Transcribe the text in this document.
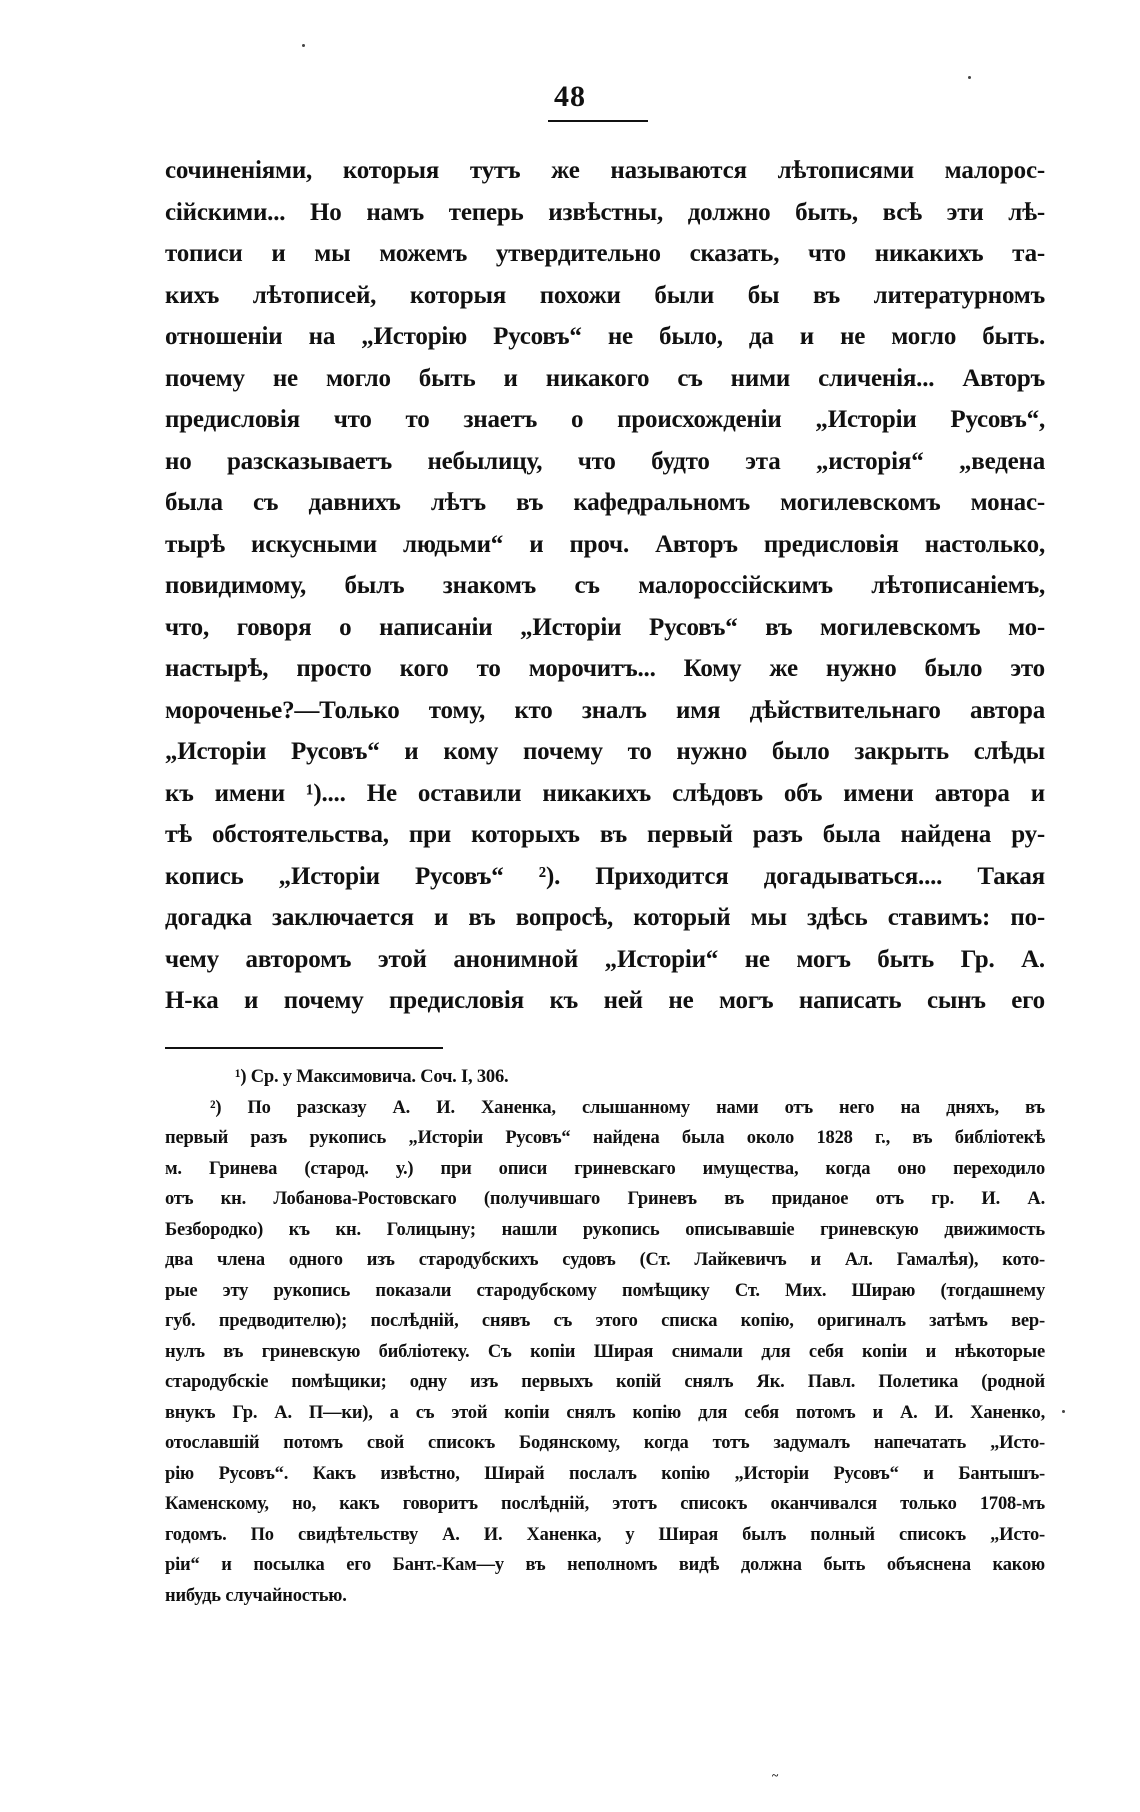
48
сочиненіями, которыя тутъ же называются лѣтописями малорос-
сійскими... Но намъ теперь извѣстны, должно быть, всѣ эти лѣ-
тописи и мы можемъ утвердительно сказать, что никакихъ та-
кихъ лѣтописей, которыя похожи были бы въ литературномъ
отношеніи на „Исторію Русовъ“ не было, да и не могло быть.
почему не могло быть и никакого съ ними сличенія... Авторъ
предисловія что то знаетъ о происхожденіи „Исторіи Русовъ“,
но разсказываетъ небылицу, что будто эта „исторія“ „ведена
была съ давнихъ лѣтъ въ кафедральномъ могилевскомъ монас-
тырѣ искусными людьми“ и проч. Авторъ предисловія настолько,
повидимому, былъ знакомъ съ малороссійскимъ лѣтописаніемъ,
что, говоря о написаніи „Исторіи Русовъ“ въ могилевскомъ мо-
настырѣ, просто кого то морочитъ... Кому же нужно было это
мороченье?—Только тому, кто зналъ имя дѣйствительнаго автора
„Исторіи Русовъ“ и кому почему то нужно было закрыть слѣды
къ имени ¹).... Не оставили никакихъ слѣдовъ объ имени автора и
тѣ обстоятельства, при которыхъ въ первый разъ была найдена ру-
копись „Исторіи Русовъ“ ²). Приходится догадываться.... Такая
догадка заключается и въ вопросѣ, который мы здѣсь ставимъ: по-
чему авторомъ этой анонимной „Исторіи“ не могъ быть Гр. А.
Н-ка и почему предисловія къ ней не могъ написать сынъ его
¹) Ср. у Максимовича. Соч. I, 306.
²) По разсказу А. И. Ханенка, слышанному нами отъ него на дняхъ, въ
первый разъ рукопись „Исторіи Русовъ“ найдена была около 1828 г., въ библіотекѣ
м. Гринева (старод. у.) при описи гриневскаго имущества, когда оно переходило
отъ кн. Лобанова-Ростовскаго (получившаго Гриневъ въ приданое отъ гр. И. А.
Безбородко) къ кн. Голицыну; нашли рукопись описывавшіе гриневскую движимость
два члена одного изъ стародубскихъ судовъ (Ст. Лайкевичъ и Ал. Гамалѣя), кото-
рые эту рукопись показали стародубскому помѣщику Ст. Мих. Шираю (тогдашнему
губ. предводителю); послѣдній, снявъ съ этого списка копію, оригиналъ затѣмъ вер-
нулъ въ гриневскую библіотеку. Съ копіи Ширая снимали для себя копіи и нѣкоторые
стародубскіе помѣщики; одну изъ первыхъ копій снялъ Як. Павл. Полетика (родной
внукъ Гр. А. П—ки), а съ этой копіи снялъ копію для себя потомъ и А. И. Ханенко,
отославшій потомъ свой списокъ Бодянскому, когда тотъ задумалъ напечатать „Исто-
рію Русовъ“. Какъ извѣстно, Ширай послалъ копію „Исторіи Русовъ“ и Бантышъ-
Каменскому, но, какъ говоритъ послѣдній, этотъ списокъ оканчивался только 1708-мъ
годомъ. По свидѣтельству А. И. Ханенка, у Ширая былъ полный списокъ „Исто-
ріи“ и посылка его Бант.-Кам—у въ неполномъ видѣ должна быть объяснена какою
нибудь случайностью.
~
